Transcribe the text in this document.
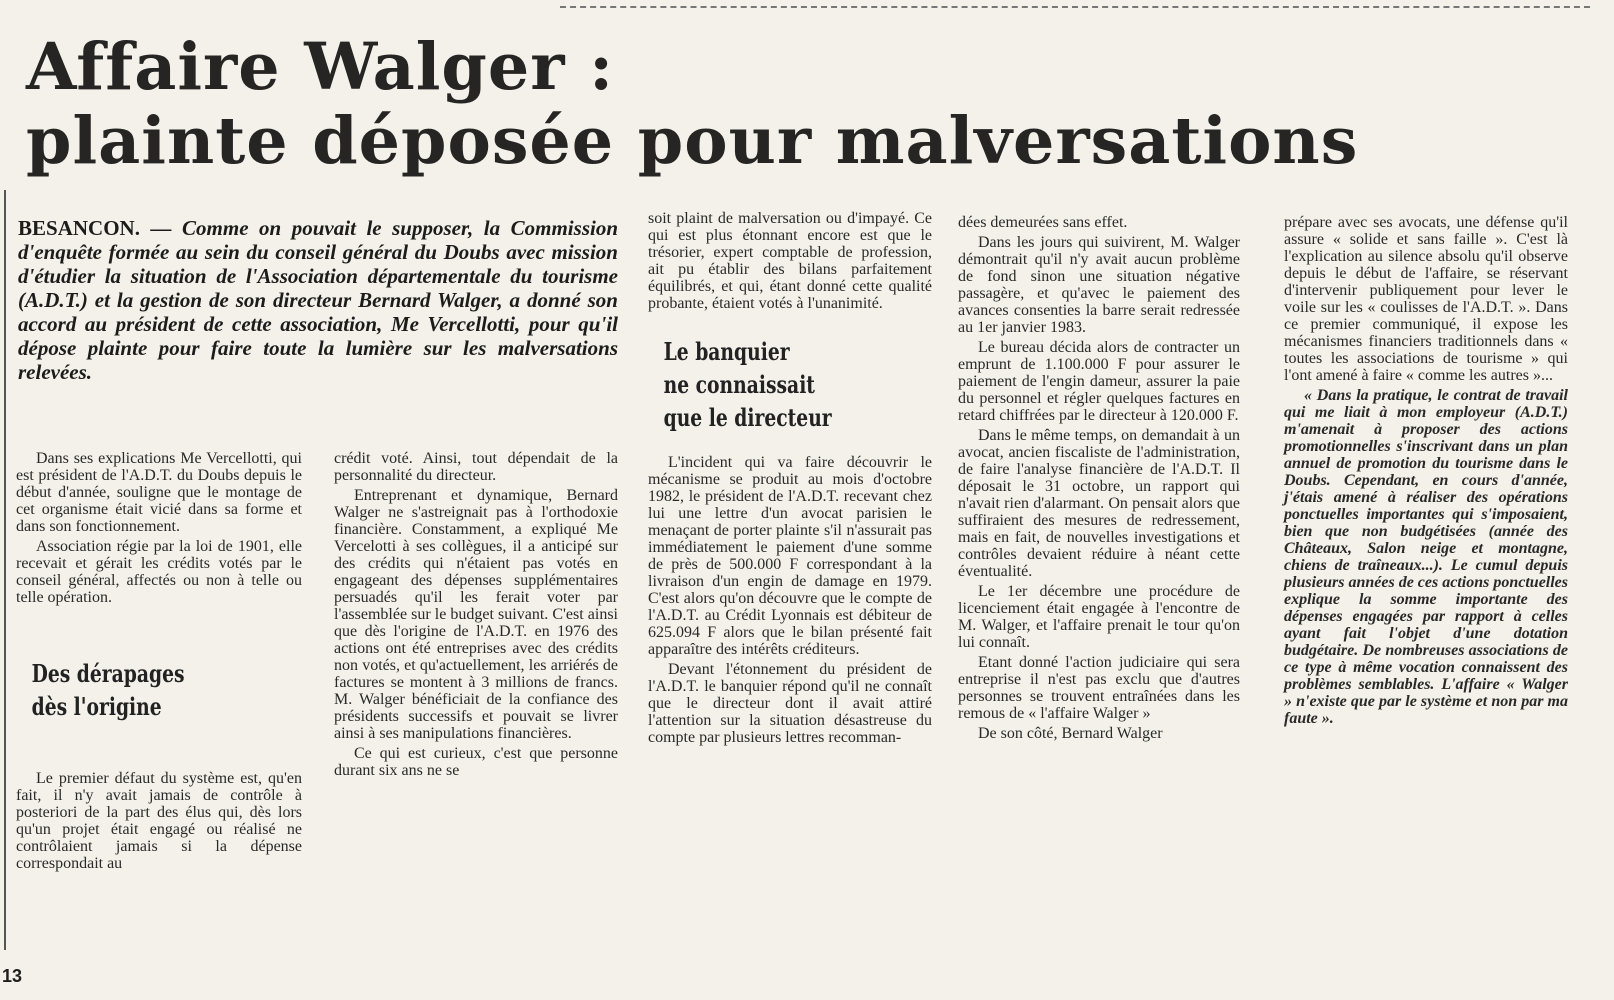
Affaire Walger :
plainte déposée pour malversations

BESANCON. — Comme on pouvait le supposer, la Commission d'enquête formée au sein du conseil général du Doubs avec mission d'étudier la situation de l'Association départementale du tourisme (A.D.T.) et la gestion de son directeur Bernard Walger, a donné son accord au président de cette association, Me Vercellotti, pour qu'il dépose plainte pour faire toute la lumière sur les malversations relevées.

Dans ses explications Me Vercellotti, qui est président de l'A.D.T. du Doubs depuis le début d'année, souligne que le montage de cet organisme était vicié dans sa forme et dans son fonctionnement.

Association régie par la loi de 1901, elle recevait et gérait les crédits votés par le conseil général, affectés ou non à telle ou telle opération.

Des dérapages

dès l'origine

Le premier défaut du système est, qu'en fait, il n'y avait jamais de contrôle à posteriori de la part des élus qui, dès lors qu'un projet était engagé ou réalisé ne contrôlaient jamais si la dépense correspondait au

crédit voté. Ainsi, tout dépendait de la personnalité du directeur.

Entreprenant et dynamique, Bernard Walger ne s'astreignait pas à l'orthodoxie financière. Constamment, a expliqué Me Vercelotti à ses collègues, il a anticipé sur des crédits qui n'étaient pas votés en engageant des dépenses supplémentaires persuadés qu'il les ferait voter par l'assemblée sur le budget suivant. C'est ainsi que dès l'origine de l'A.D.T. en 1976 des actions ont été entreprises avec des crédits non votés, et qu'actuellement, les arriérés de factures se montent à 3 millions de francs. M. Walger bénéficiait de la confiance des présidents successifs et pouvait se livrer ainsi à ses manipulations financières.

Ce qui est curieux, c'est que personne durant six ans ne se

soit plaint de malversation ou d'impayé. Ce qui est plus étonnant encore est que le trésorier, expert comptable de profession, ait pu établir des bilans parfaitement équilibrés, et qui, étant donné cette qualité probante, étaient votés à l'unanimité.

Le banquier

ne connaissait

que le directeur

L'incident qui va faire découvrir le mécanisme se produit au mois d'octobre 1982, le président de l'A.D.T. recevant chez lui une lettre d'un avocat parisien le menaçant de porter plainte s'il n'assurait pas immédiatement le paiement d'une somme de près de 500.000 F correspondant à la livraison d'un engin de damage en 1979. C'est alors qu'on découvre que le compte de l'A.D.T. au Crédit Lyonnais est débiteur de 625.094 F alors que le bilan présenté fait apparaître des intérêts créditeurs.

Devant l'étonnement du président de l'A.D.T. le banquier répond qu'il ne connaît que le directeur dont il avait attiré l'attention sur la situation désastreuse du compte par plusieurs lettres recomman-

dées demeurées sans effet.

Dans les jours qui suivirent, M. Walger démontrait qu'il n'y avait aucun problème de fond sinon une situation négative passagère, et qu'avec le paiement des avances consenties la barre serait redressée au 1er janvier 1983.

Le bureau décida alors de contracter un emprunt de 1.100.000 F pour assurer le paiement de l'engin dameur, assurer la paie du personnel et régler quelques factures en retard chiffrées par le directeur à 120.000 F.

Dans le même temps, on demandait à un avocat, ancien fiscaliste de l'administration, de faire l'analyse financière de l'A.D.T. Il déposait le 31 octobre, un rapport qui n'avait rien d'alarmant. On pensait alors que suffiraient des mesures de redressement, mais en fait, de nouvelles investigations et contrôles devaient réduire à néant cette éventualité.

Le 1er décembre une procédure de licenciement était engagée à l'encontre de M. Walger, et l'affaire prenait le tour qu'on lui connaît.

Etant donné l'action judiciaire qui sera entreprise il n'est pas exclu que d'autres personnes se trouvent entraînées dans les remous de « l'affaire Walger »

De son côté, Bernard Walger

prépare avec ses avocats, une défense qu'il assure « solide et sans faille ». C'est là l'explication au silence absolu qu'il observe depuis le début de l'affaire, se réservant d'intervenir publiquement pour lever le voile sur les « coulisses de l'A.D.T. ». Dans ce premier communiqué, il expose les mécanismes financiers traditionnels dans « toutes les associations de tourisme » qui l'ont amené à faire « comme les autres »...

« Dans la pratique, le contrat de travail qui me liait à mon employeur (A.D.T.) m'amenait à proposer des actions promotionnelles s'inscrivant dans un plan annuel de promotion du tourisme dans le Doubs. Cependant, en cours d'année, j'étais amené à réaliser des opérations ponctuelles importantes qui s'imposaient, bien que non budgétisées (année des Châteaux, Salon neige et montagne, chiens de traîneaux...). Le cumul depuis plusieurs années de ces actions ponctuelles explique la somme importante des dépenses engagées par rapport à celles ayant fait l'objet d'une dotation budgétaire. De nombreuses associations de ce type à même vocation connaissent des problèmes semblables. L'affaire « Walger » n'existe que par le système et non par ma faute ».

13
